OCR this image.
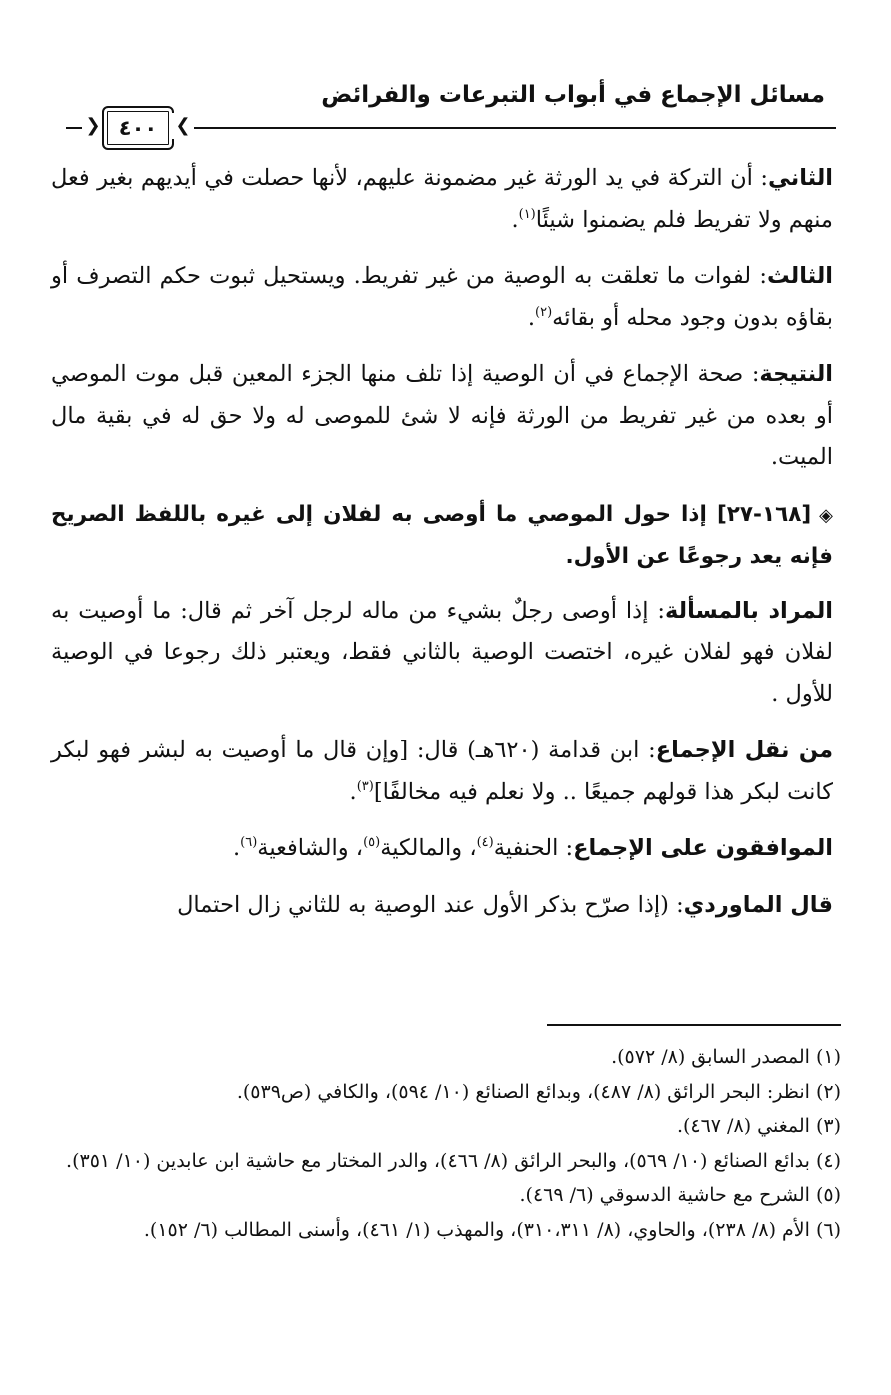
مسائل الإجماع في أبواب التبرعات والفرائض
❮ ٤٠٠	❯

الثاني: أن التركة في يد الورثة غير مضمونة عليهم، لأنها حصلت في أيديهم بغير فعل منهم ولا تفريط فلم يضمنوا شيئًا$^{(١)}$.

الثالث: لفوات ما تعلقت به الوصية من غير تفريط. ويستحيل ثبوت حكم التصرف أو بقاؤه بدون وجود محله أو بقائه$^{(٢)}$.

النتيجة: صحة الإجماع في أن الوصية إذا تلف منها الجزء المعين قبل موت الموصي أو بعده من غير تفريط من الورثة فإنه لا شئ للموصى له ولا حق له في بقية مال الميت.

◈[١٦٨-٢٧] إذا حول الموصي ما أوصى به لفلان إلى غيره باللفظ الصريح فإنه يعد رجوعًا عن الأول.

المراد بالمسألة: إذا أوصى رجلٌ بشيء من ماله لرجل آخر ثم قال: ما أوصيت به لفلان فهو لفلان غيره، اختصت الوصية بالثاني فقط، ويعتبر ذلك رجوعا في الوصية للأول .

من نقل الإجماع: ابن قدامة (٦٢٠هـ) قال: [وإن قال ما أوصيت به لبشر فهو لبكر كانت لبكر هذا قولهم جميعًا .. ولا نعلم فيه مخالفًا]$^{(٣)}$.

الموافقون على الإجماع: الحنفية$^{(٤)}$، والمالكية$^{(٥)}$، والشافعية$^{(٦)}$.

قال الماوردي: (إذا صرّح بذكر الأول عند الوصية به للثاني زال احتمال

(١)المصدر السابق (٨/ ٥٧٢).

(٢)انظر: البحر الرائق (٨/ ٤٨٧)، وبدائع الصنائع (١٠/ ٥٩٤)، والكافي (ص٥٣٩).

(٣)المغني (٨/ ٤٦٧).

(٤)بدائع الصنائع (١٠/ ٥٦٩)، والبحر الرائق (٨/ ٤٦٦)، والدر المختار مع حاشية ابن عابدين (١٠/ ٣٥١).

(٥)الشرح مع حاشية الدسوقي (٦/ ٤٦٩).

(٦)الأم (٨/ ٢٣٨)، والحاوي، (٨/ ٣١٠،٣١١)، والمهذب (١/ ٤٦١)، وأسنى المطالب (٦/ ١٥٢).
